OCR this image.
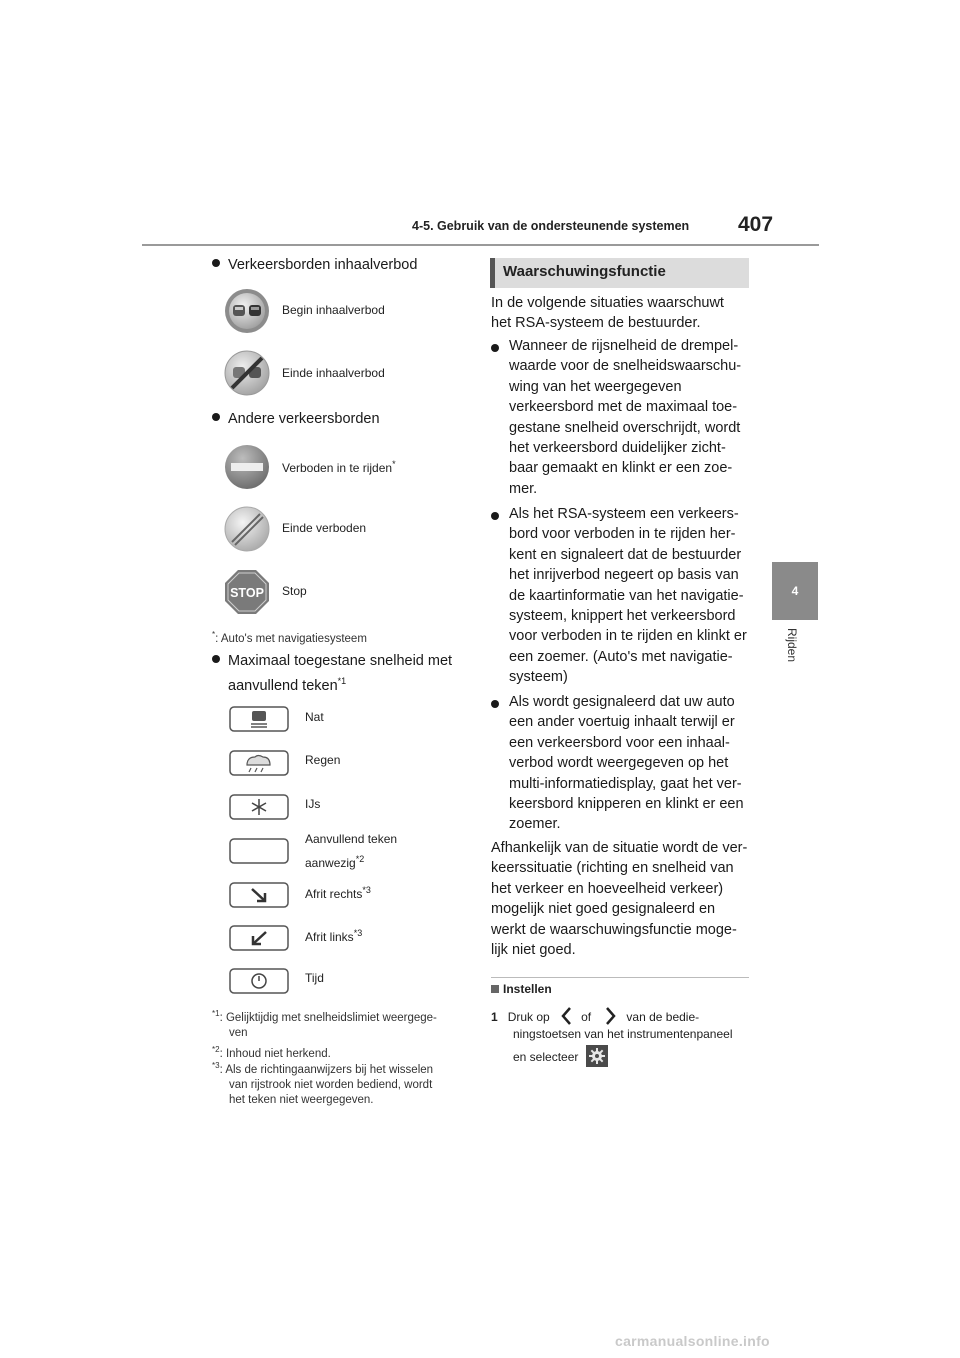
4-5. Gebruik van de ondersteunende systemen 407
4
Rijden
Verkeersborden inhaalverbod
Begin inhaalverbod
Einde inhaalverbod
Andere verkeersborden
Verboden in te rijden*
Einde verboden
STOP Stop
*: Auto's met navigatiesysteem
Maximaal toegestane snelheid met
aanvullend teken$^{*1}$
Nat
Regen
IJs
Aanvullend teken
aanwezig$^{*2}$
Afrit rechts$^{*3}$
Afrit links$^{*3}$
Tijd
$^{*1}$: Gelijktijdig met snelheidslimiet weergege-
ven
$^{*2}$: Inhoud niet herkend.
$^{*3}$: Als de richtingaanwijzers bij het wisselen
van rijstrook niet worden bediend, wordt
het teken niet weergegeven.
Waarschuwingsfunctie
In de volgende situaties waarschuwt
het RSA-systeem de bestuurder.
Wanneer de rijsnelheid de drempel-
waarde voor de snelheidswaarschu-
wing van het weergegeven
verkeersbord met de maximaal toe-
gestane snelheid overschrijdt, wordt
het verkeersbord duidelijker zicht-
baar gemaakt en klinkt er een zoe-
mer.
Als het RSA-systeem een verkeers-
bord voor verboden in te rijden her-
kent en signaleert dat de bestuurder
het inrijverbod negeert op basis van
de kaartinformatie van het navigatie-
systeem, knippert het verkeersbord
voor verboden in te rijden en klinkt er
een zoemer. (Auto's met navigatie-
systeem)
Als wordt gesignaleerd dat uw auto
een ander voertuig inhaalt terwijl er
een verkeersbord voor een inhaal-
verbod wordt weergegeven op het
multi-informatiedisplay, gaat het ver-
keersbord knipperen en klinkt er een
zoemer.
Afhankelijk van de situatie wordt de ver-
keerssituatie (richting en snelheid van
het verkeer en hoeveelheid verkeer)
mogelijk niet goed gesignaleerd en
werkt de waarschuwingsfunctie moge-
lijk niet goed.
Instellen
1 Druk op	of	van de bedie-
ningstoetsen van het instrumentenpaneel
en selecteer
carmanualsonline.info
